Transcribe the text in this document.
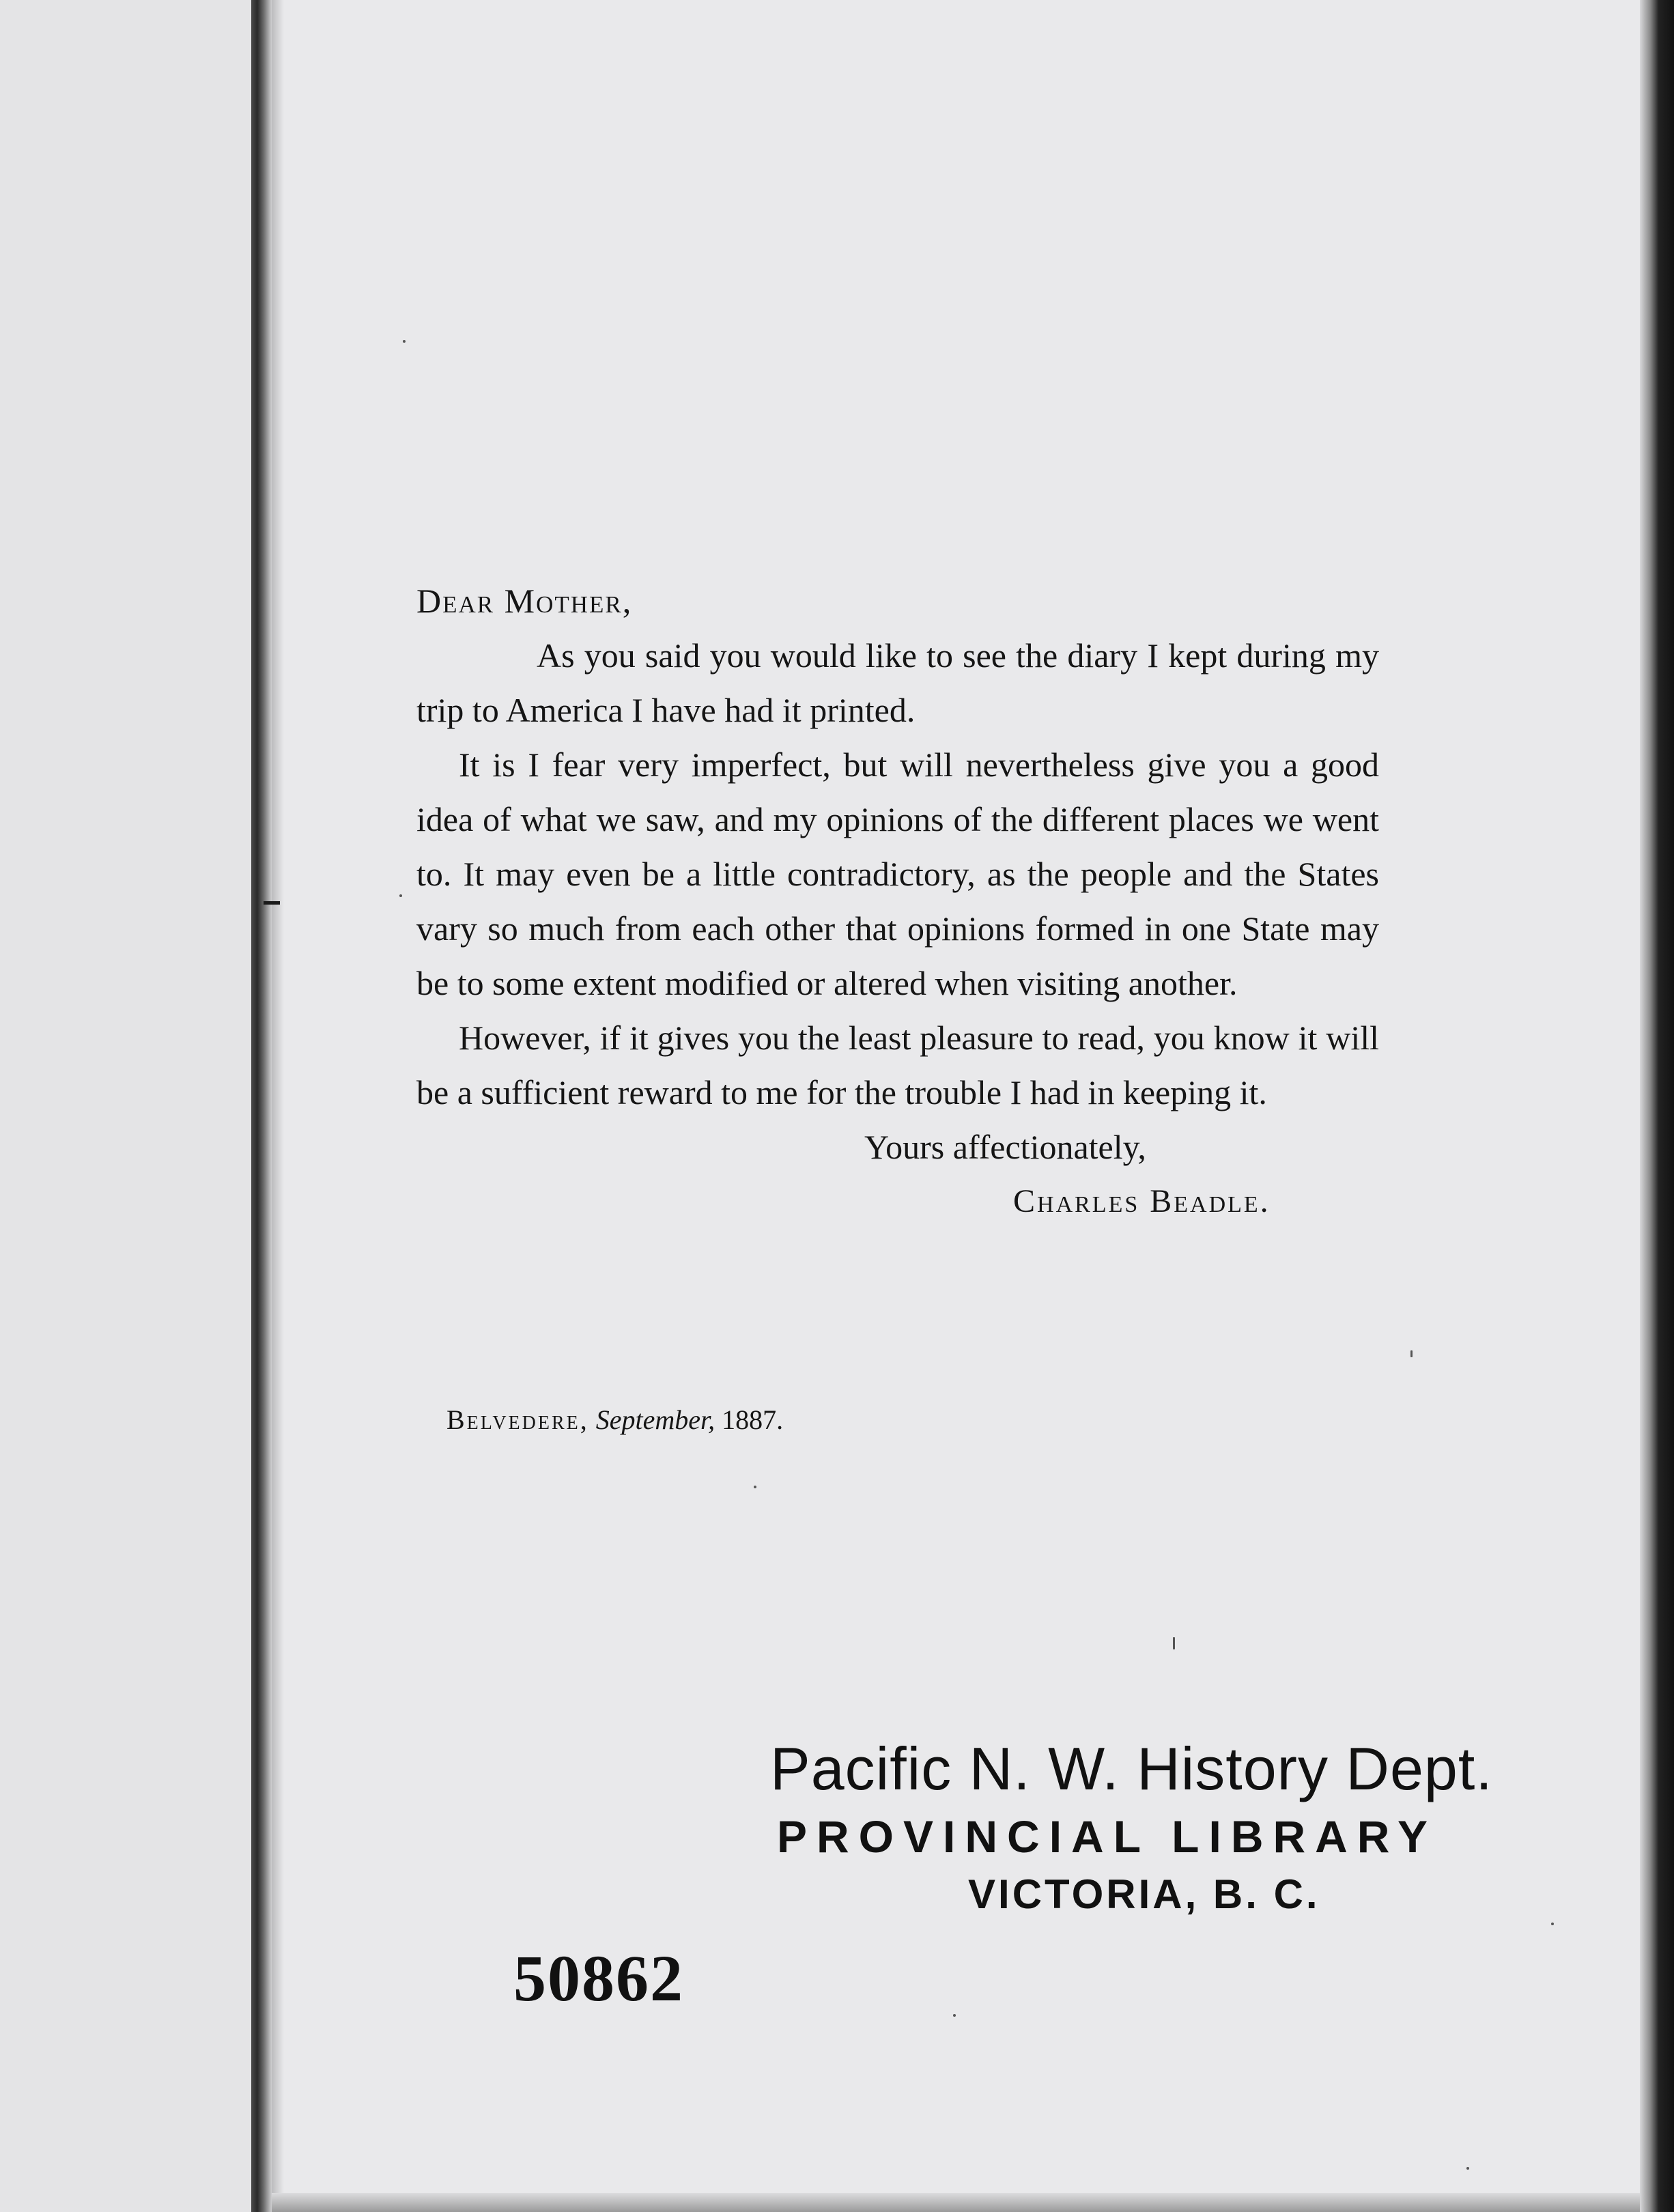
Dear Mother,

As you said you would like to see the diary I kept during my trip to America I have had it printed.

It is I fear very imperfect, but will nevertheless give you a good idea of what we saw, and my opinions of the different places we went to. It may even be a little contradictory, as the people and the States vary so much from each other that opinions formed in one State may be to some extent modified or altered when visiting another.

However, if it gives you the least pleasure to read, you know it will be a sufficient reward to me for the trouble I had in keeping it.

Yours affectionately,

Charles Beadle.

Belvedere, September, 1887.
Pacific N. W. History Dept.
PROVINCIAL LIBRARY
VICTORIA, B. C.
50862
